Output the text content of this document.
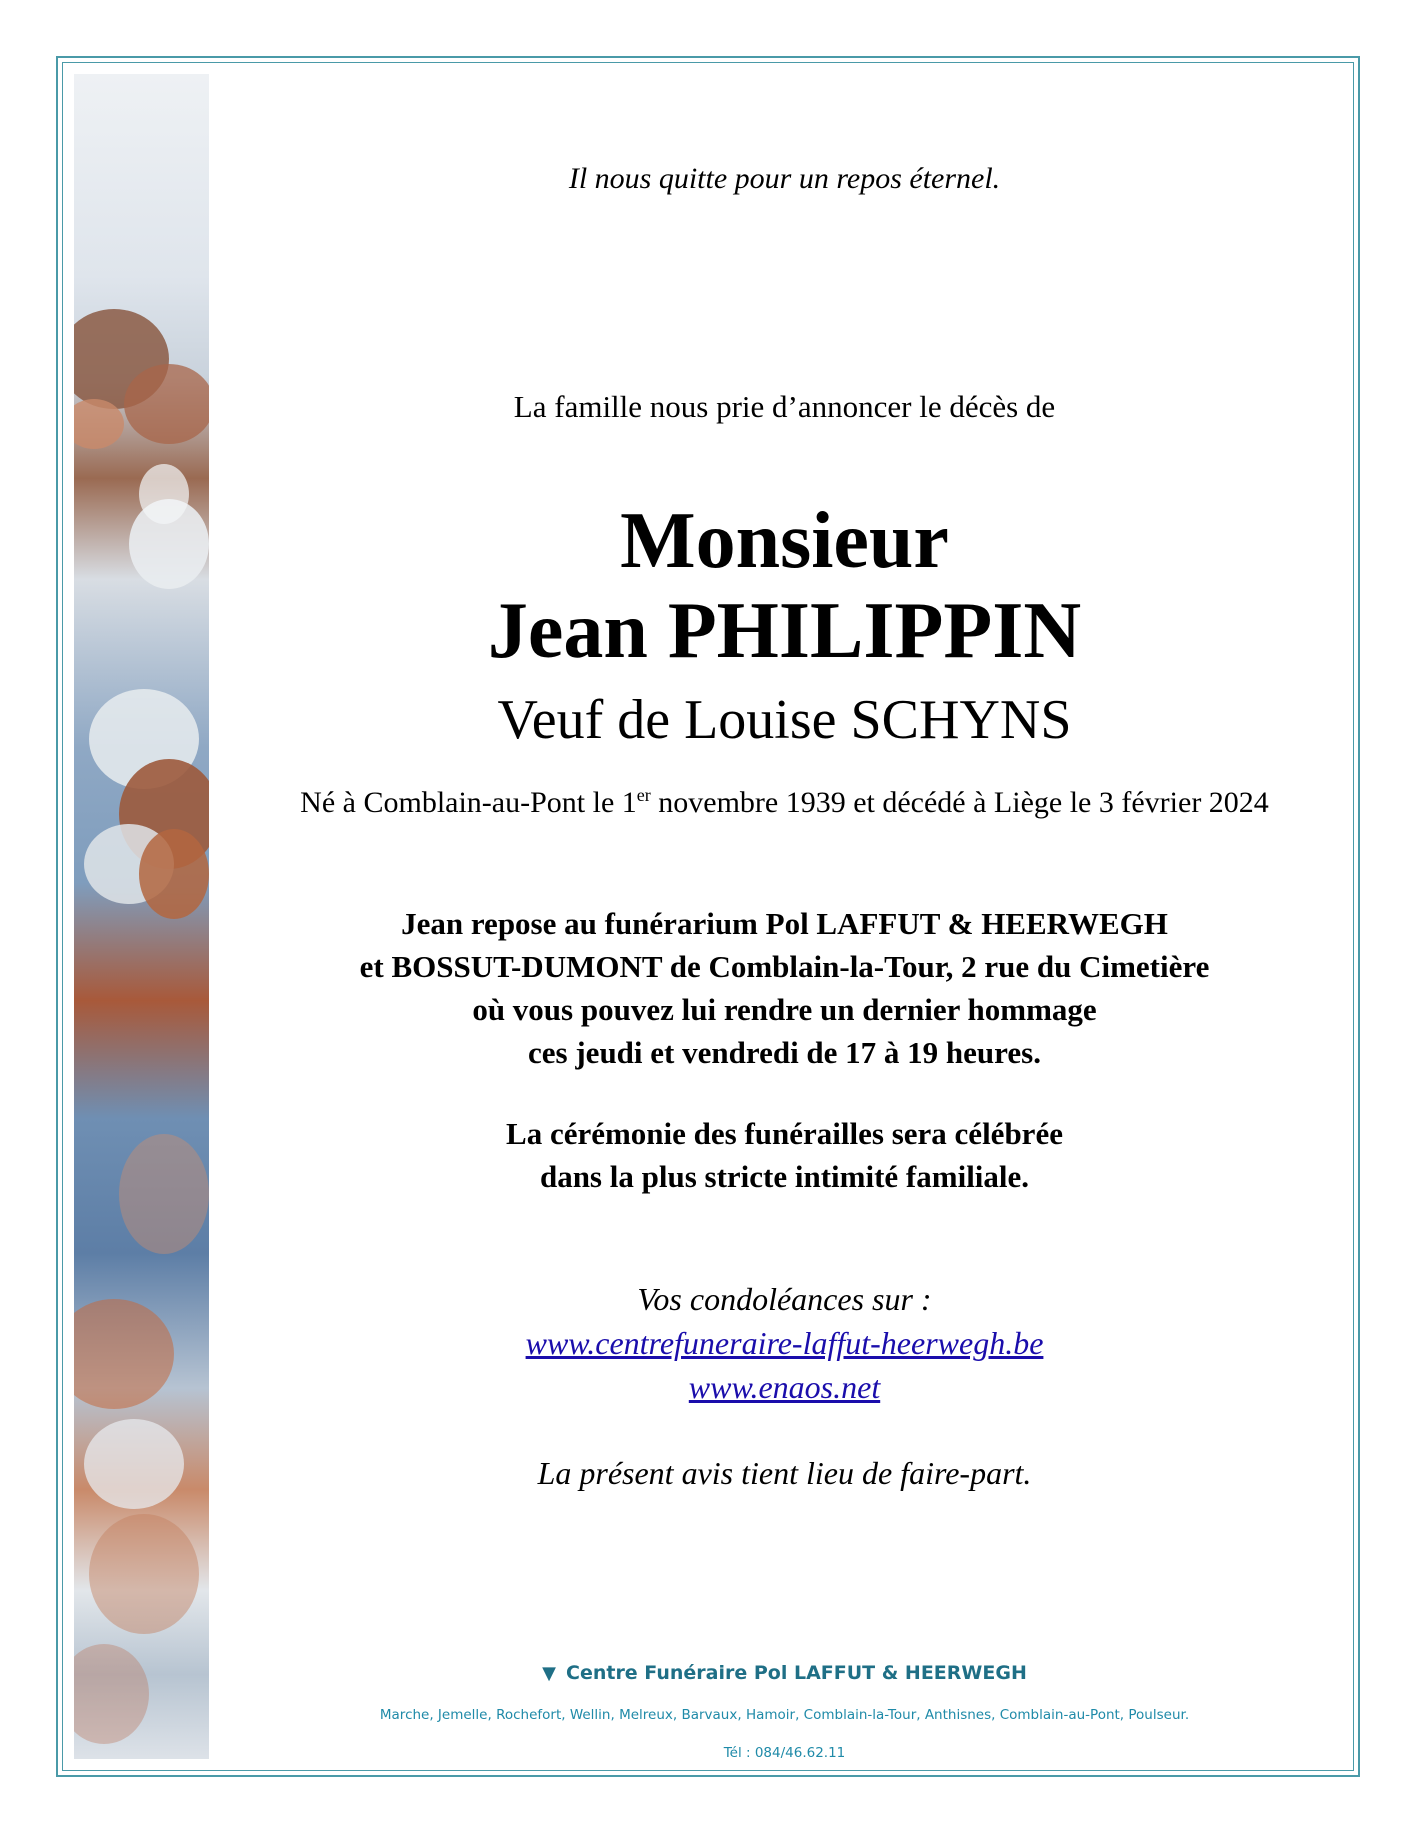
Il nous quitte pour un repos éternel.
La famille nous prie d’annoncer le décès de
Monsieur
Jean PHILIPPIN
Veuf de Louise SCHYNS
Né à Comblain-au-Pont le 1er novembre 1939 et décédé à Liège le 3 février 2024
Jean repose au funérarium Pol LAFFUT & HEERWEGH
et BOSSUT-DUMONT de Comblain-la-Tour, 2 rue du Cimetière
où vous pouvez lui rendre un dernier hommage
ces jeudi et vendredi de 17 à 19 heures.
La cérémonie des funérailles sera célébrée
dans la plus stricte intimité familiale.
Vos condoléances sur :
www.centrefuneraire-laffut-heerwegh.be
www.enaos.net
La présent avis tient lieu de faire-part.
▼ Centre Funéraire Pol LAFFUT & HEERWEGH
Marche, Jemelle, Rochefort, Wellin, Melreux, Barvaux, Hamoir, Comblain-la-Tour, Anthisnes, Comblain-au-Pont, Poulseur.
Tél : 084/46.62.11
